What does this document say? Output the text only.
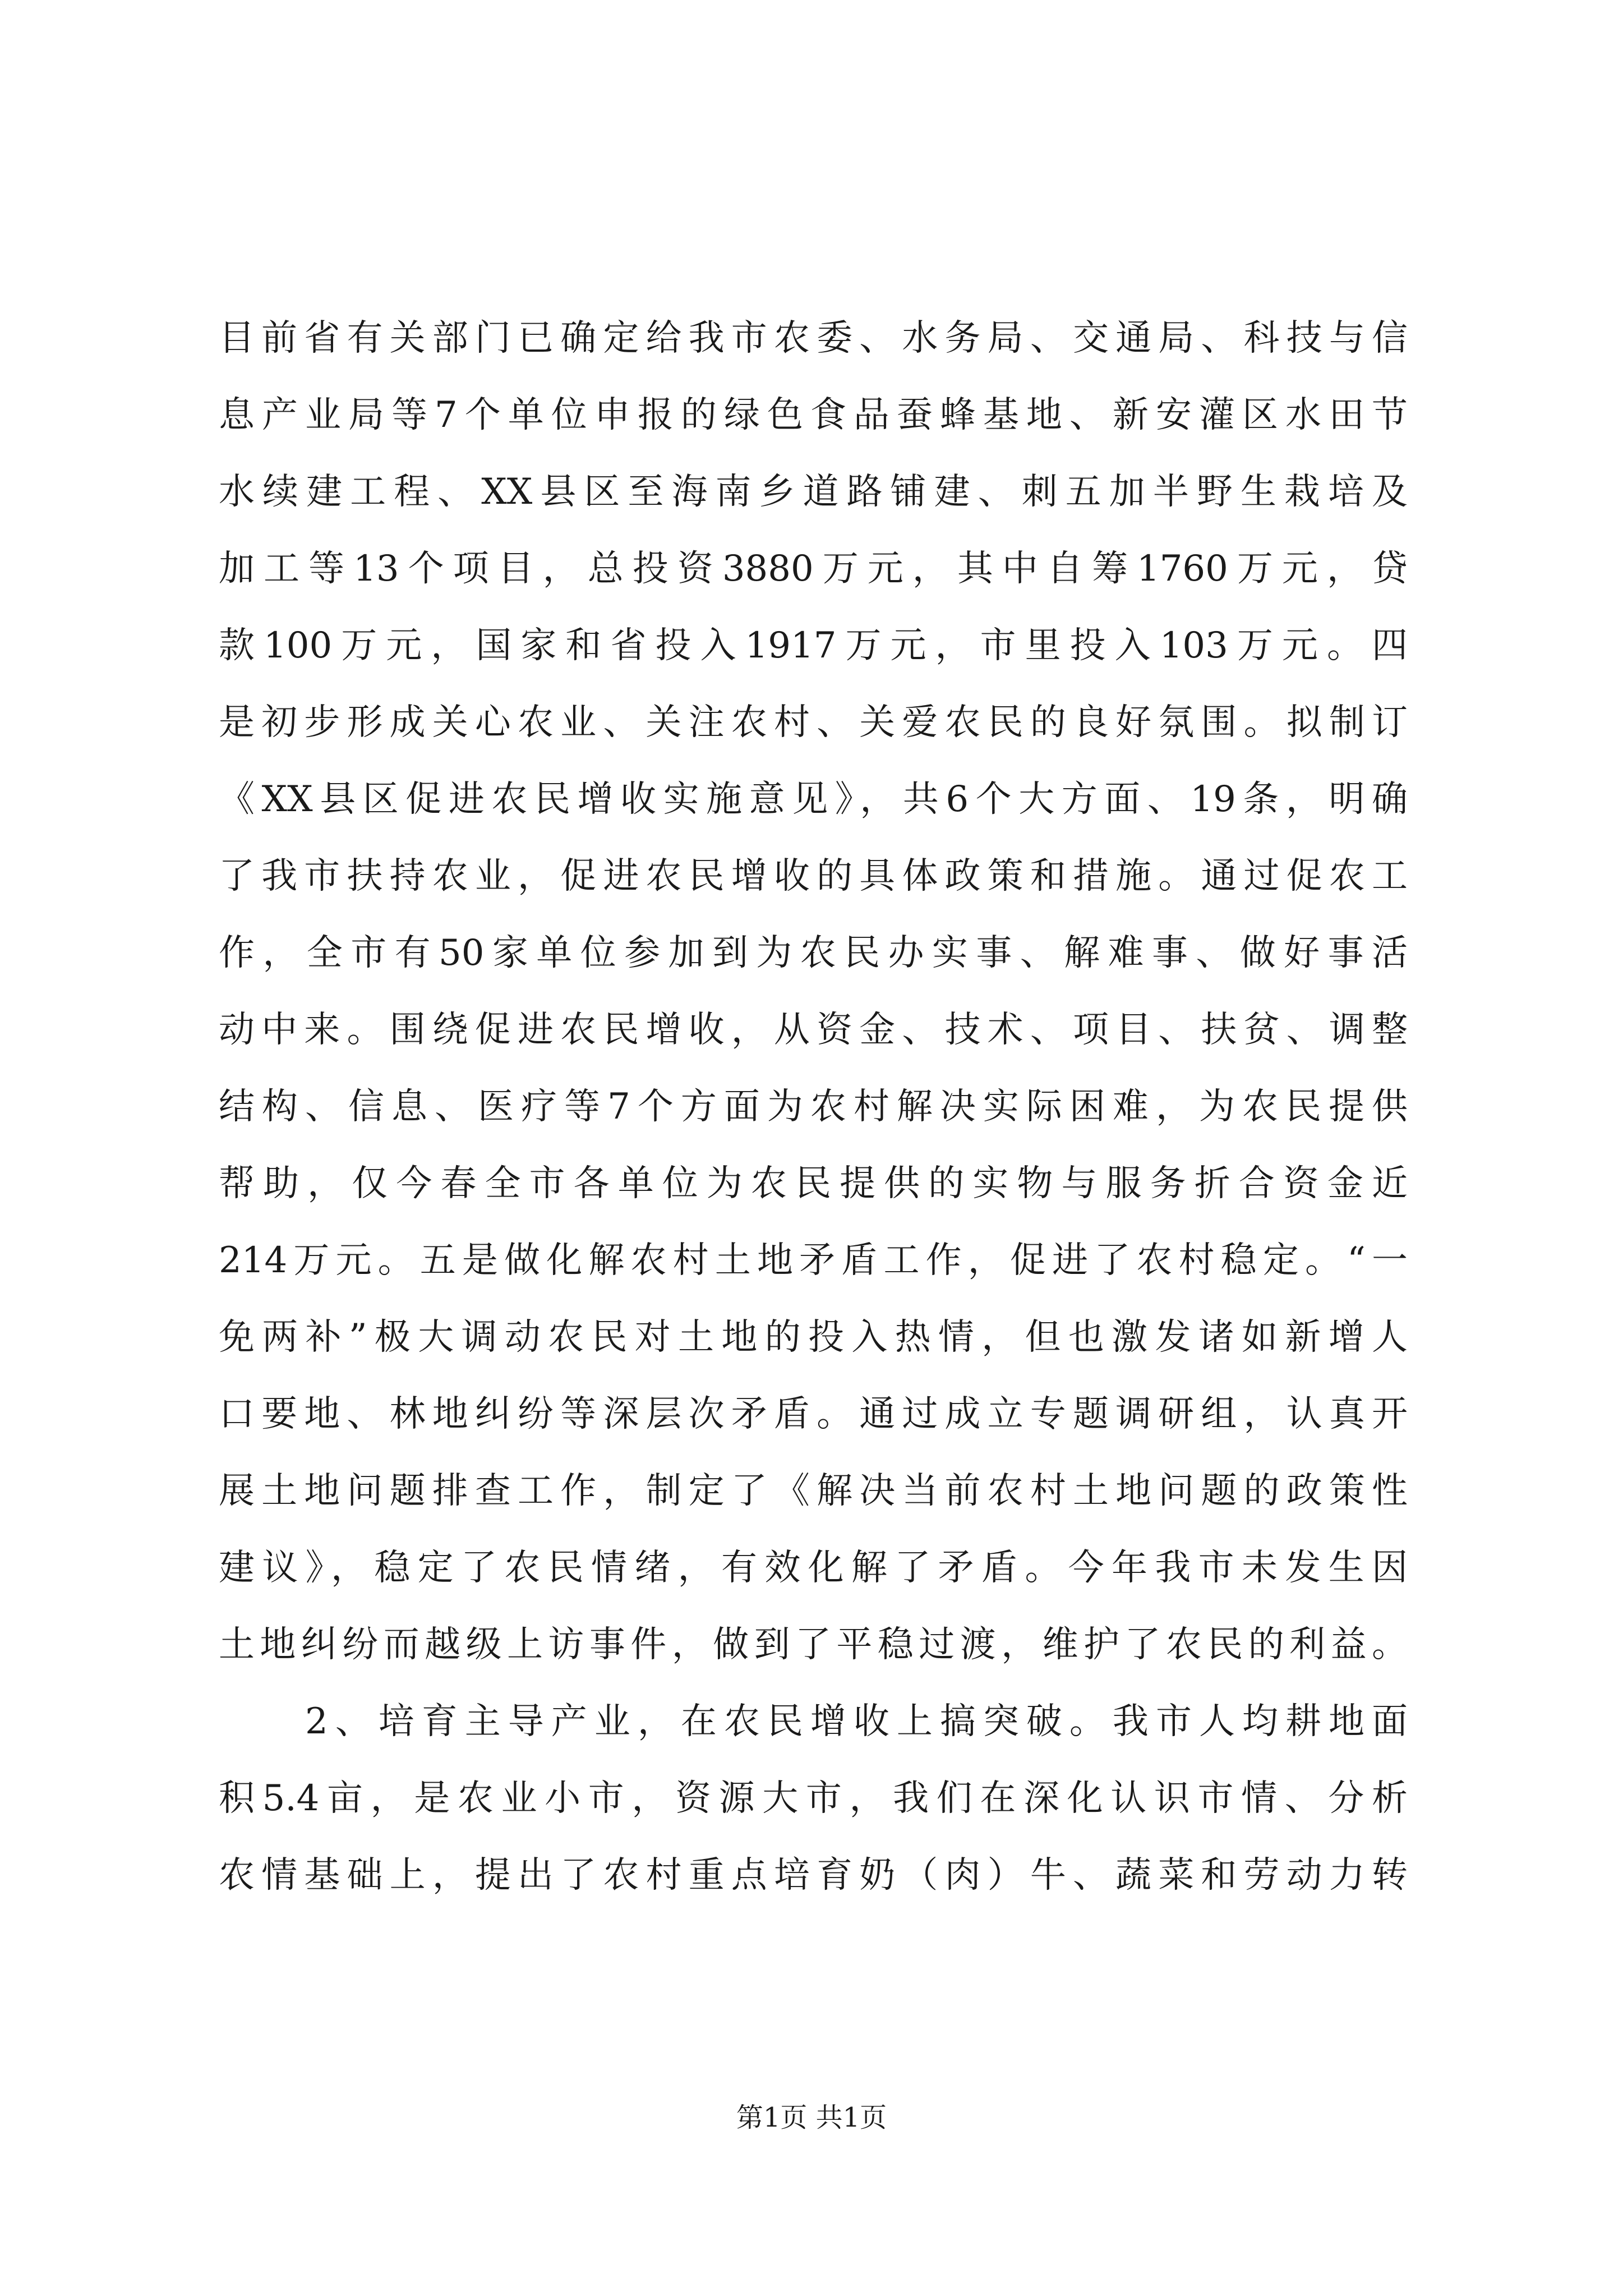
目前省有关部门已确定给我市农委、水务局、交通局、科技与信
息产业局等7个单位申报的绿色食品蚕蜂基地、新安灌区水田节
水续建工程、XX县区至海南乡道路铺建、刺五加半野生栽培及
加工等13个项目，总投资3880万元，其中自筹1760万元，贷
款100万元，国家和省投入1917万元，市里投入103万元。四
是初步形成关心农业、关注农村、关爱农民的良好氛围。拟制订
《XX县区促进农民增收实施意见》，共6个大方面、19条，明确
了我市扶持农业，促进农民增收的具体政策和措施。通过促农工
作，全市有50家单位参加到为农民办实事、解难事、做好事活
动中来。围绕促进农民增收，从资金、技术、项目、扶贫、调整
结构、信息、医疗等7个方面为农村解决实际困难，为农民提供
帮助，仅今春全市各单位为农民提供的实物与服务折合资金近
214万元。五是做化解农村土地矛盾工作，促进了农村稳定。“一
免两补”极大调动农民对土地的投入热情，但也激发诸如新增人
口要地、林地纠纷等深层次矛盾。通过成立专题调研组，认真开
展土地问题排查工作，制定了《解决当前农村土地问题的政策性
建议》，稳定了农民情绪，有效化解了矛盾。今年我市未发生因
土地纠纷而越级上访事件，做到了平稳过渡，维护了农民的利益。
　　2、培育主导产业，在农民增收上搞突破。我市人均耕地面
积5.4亩，是农业小市，资源大市，我们在深化认识市情、分析
农情基础上，提出了农村重点培育奶（肉）牛、蔬菜和劳动力转
第1页 共1页
